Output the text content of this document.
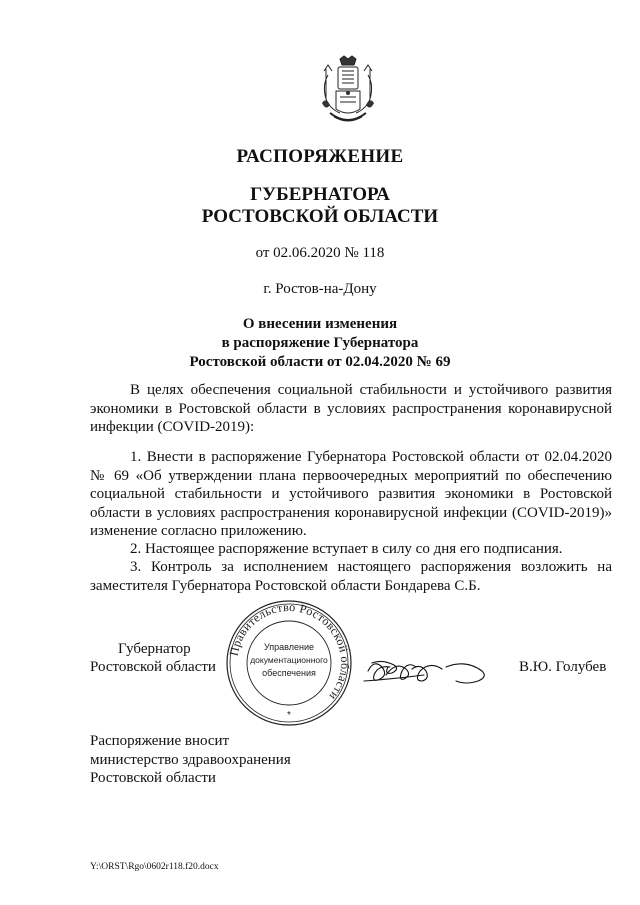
РАСПОРЯЖЕНИЕ
ГУБЕРНАТОРА
РОСТОВСКОЙ ОБЛАСТИ
от 02.06.2020 № 118
г. Ростов-на-Дону
О внесении изменения
в распоряжение Губернатора
Ростовской области от 02.04.2020 № 69
В целях обеспечения социальной стабильности и устойчивого развития экономики в Ростовской области в условиях распространения коронавирусной инфекции (COVID-2019):
1. Внести в распоряжение Губернатора Ростовской области от 02.04.2020 № 69 «Об утверждении плана первоочередных мероприятий по обеспечению социальной стабильности и устойчивого развития экономики в Ростовской области в условиях распространения коронавирусной инфекции (COVID-2019)» изменение согласно приложению.
2. Настоящее распоряжение вступает в силу со дня его подписания.
3. Контроль за исполнением настоящего распоряжения возложить на заместителя Губернатора Ростовской области Бондарева С.Б.
Губернатор
Ростовской области
Правительство Ростовской области
Управление
документационного
обеспечения
*
В.Ю. Голубев
Распоряжение вносит
министерство здравоохранения
Ростовской области
Y:\ORST\Rgo\0602r118.f20.docx
